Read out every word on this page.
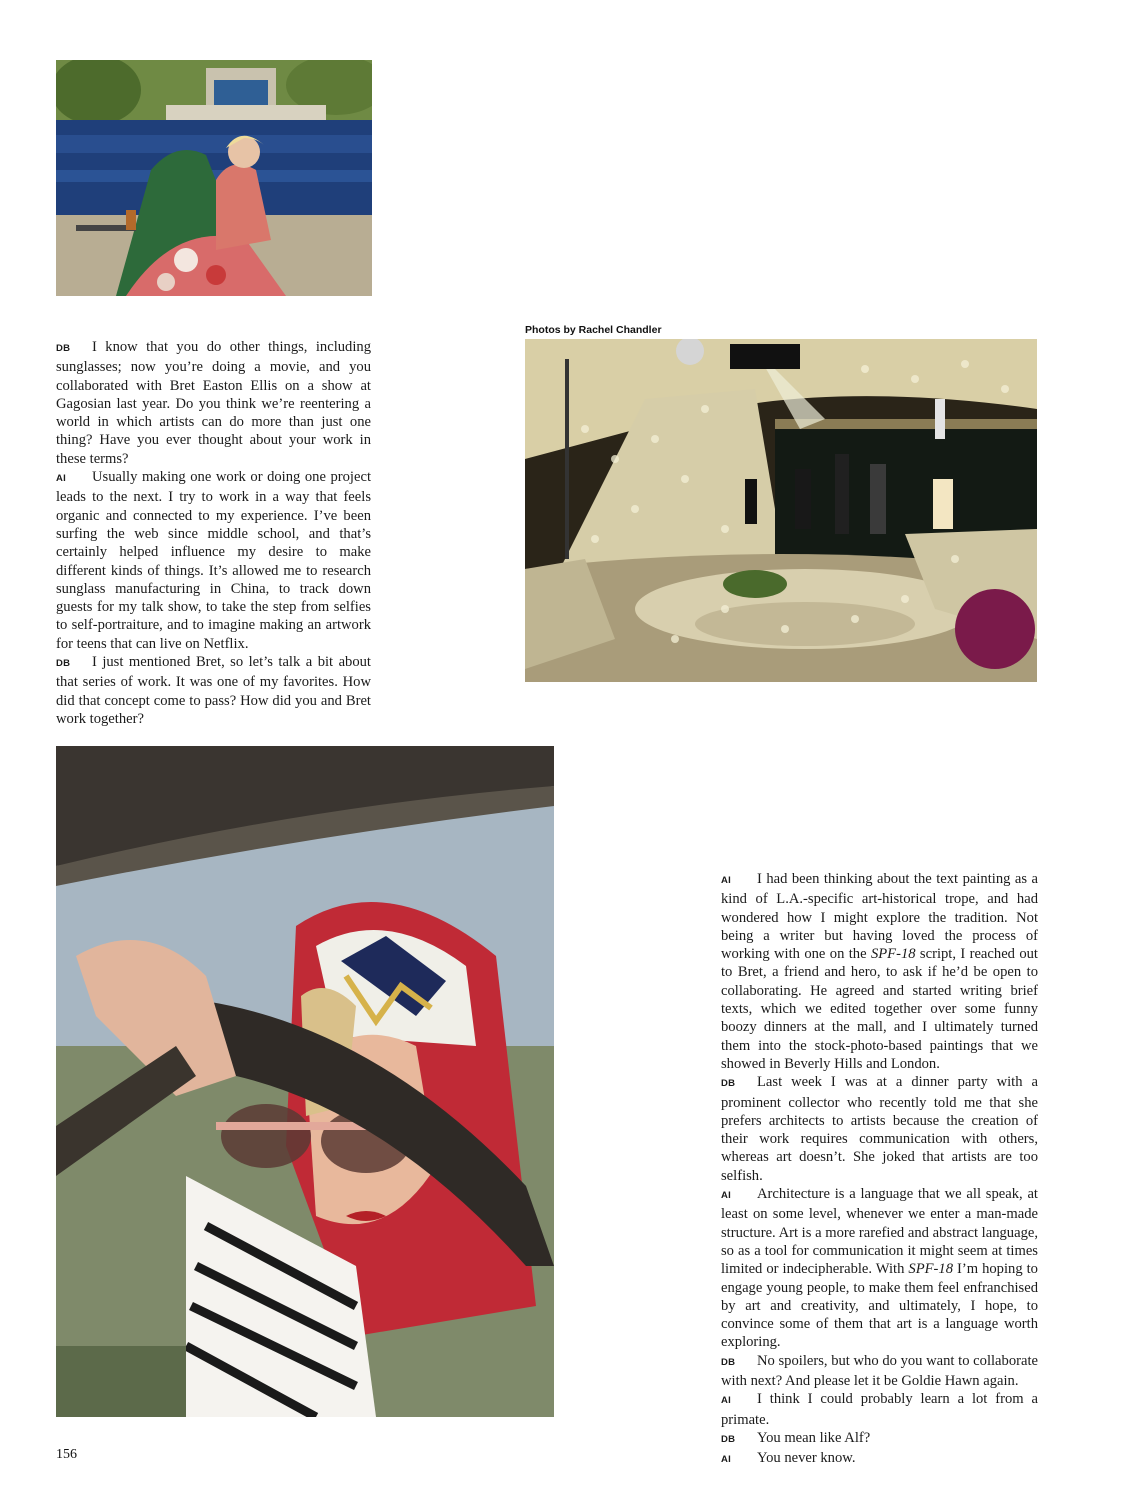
Photos by Rachel Chandler

DB I know that you do other things, including sunglasses; now you’re doing a movie, and you collaborated with Bret Easton Ellis on a show at Gagosian last year. Do you think we’re reentering a world in which artists can do more than just one thing? Have you ever thought about your work in these terms?

AI Usually making one work or doing one project leads to the next. I try to work in a way that feels organic and connected to my experience. I’ve been surfing the web since middle school, and that’s certainly helped influence my desire to make different kinds of things. It’s allowed me to research sunglass manufacturing in China, to track down guests for my talk show, to take the step from selfies to self-portraiture, and to imagine making an artwork for teens that can live on Netflix.

DB I just mentioned Bret, so let’s talk a bit about that series of work. It was one of my favorites. How did that concept come to pass? How did you and Bret work together?

AI I had been thinking about the text painting as a kind of L.A.-specific art-historical trope, and had wondered how I might explore the tradition. Not being a writer but having loved the process of working with one on the SPF-18 script, I reached out to Bret, a friend and hero, to ask if he’d be open to collaborating. He agreed and started writing brief texts, which we edited together over some funny boozy dinners at the mall, and I ultimately turned them into the stock-photo-based paintings that we showed in Beverly Hills and London.

DB Last week I was at a dinner party with a prominent collector who recently told me that she prefers architects to artists because the creation of their work requires communication with others, whereas art doesn’t. She joked that artists are too selfish.

AI Architecture is a language that we all speak, at least on some level, whenever we enter a man-made structure. Art is a more rarefied and abstract language, so as a tool for communication it might seem at times limited or indecipherable. With SPF-18 I’m hoping to engage young people, to make them feel enfranchised by art and creativity, and ultimately, I hope, to convince some of them that art is a language worth exploring.

DB No spoilers, but who do you want to collaborate with next? And please let it be Goldie Hawn again.

AI I think I could probably learn a lot from a primate.

DB You mean like Alf?

AI You never know.

156
